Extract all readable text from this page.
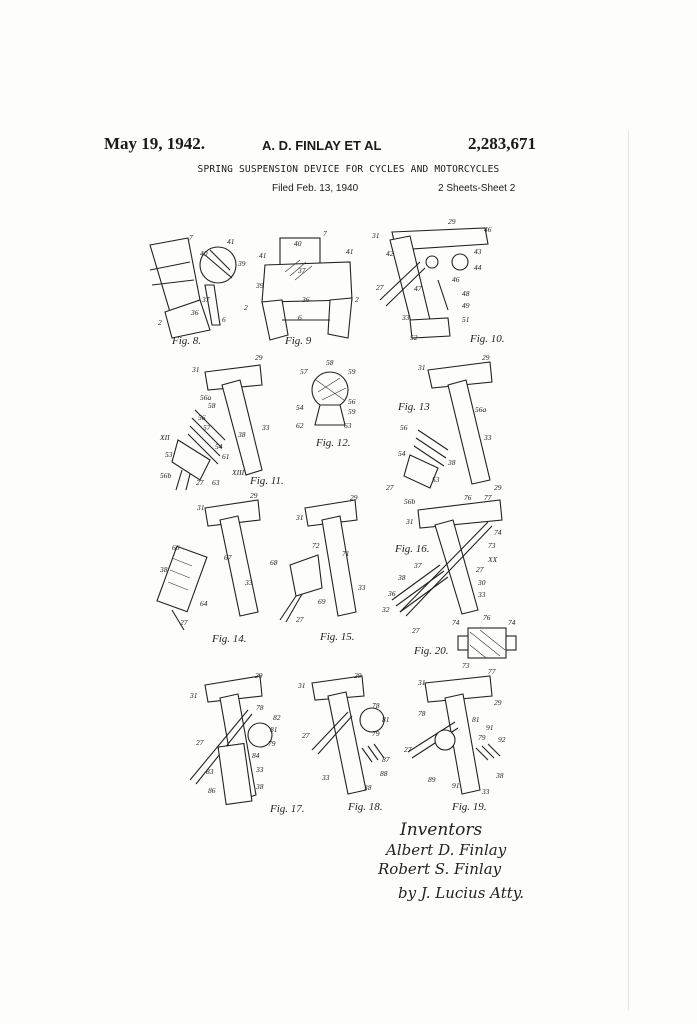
May 19, 1942.	A. D. FINLAY ET AL	2,283,671
SPRING SUSPENSION DEVICE FOR CYCLES AND MOTORCYCLES
Filed Feb. 13, 1940	2 Sheets-Sheet 2
7	41
39
40
37
2
36
6
7
40
41	41
37
39
36
2
2
6
31
29
46
42	43
44
46
27	47
48
49
33	51
52
31
29
56a
58
56
57
38
33
XII
54
53	61
56b
27 63
XIII
57
58
59
54
56
59
62	63
31
29
56a
56
33
54
38
53
27
56b
31
29
66
67
38
33
64
27
31
29
72
71
68
33
69
27
31
76 77
29
74
73
XX
37	27
38
30
36	33
32
27
74
76
74
73
77
31
29
78
82
81
27	79
84
83	33
86	38
31
29
78
81
27	79
87
33	88
38
31
29
78
81
91
79 92
27
38
89
91
33
Fig. 8.	Fig. 9	Fig. 10.
Fig. 11.
Fig. 12.
Fig. 13
Fig. 14.	Fig. 15.
Fig. 16.
Fig. 20.
Fig. 17.	Fig. 18.	Fig. 19.
Inventors
Albert D. Finlay
Robert S. Finlay
by J. Lucius Atty.
